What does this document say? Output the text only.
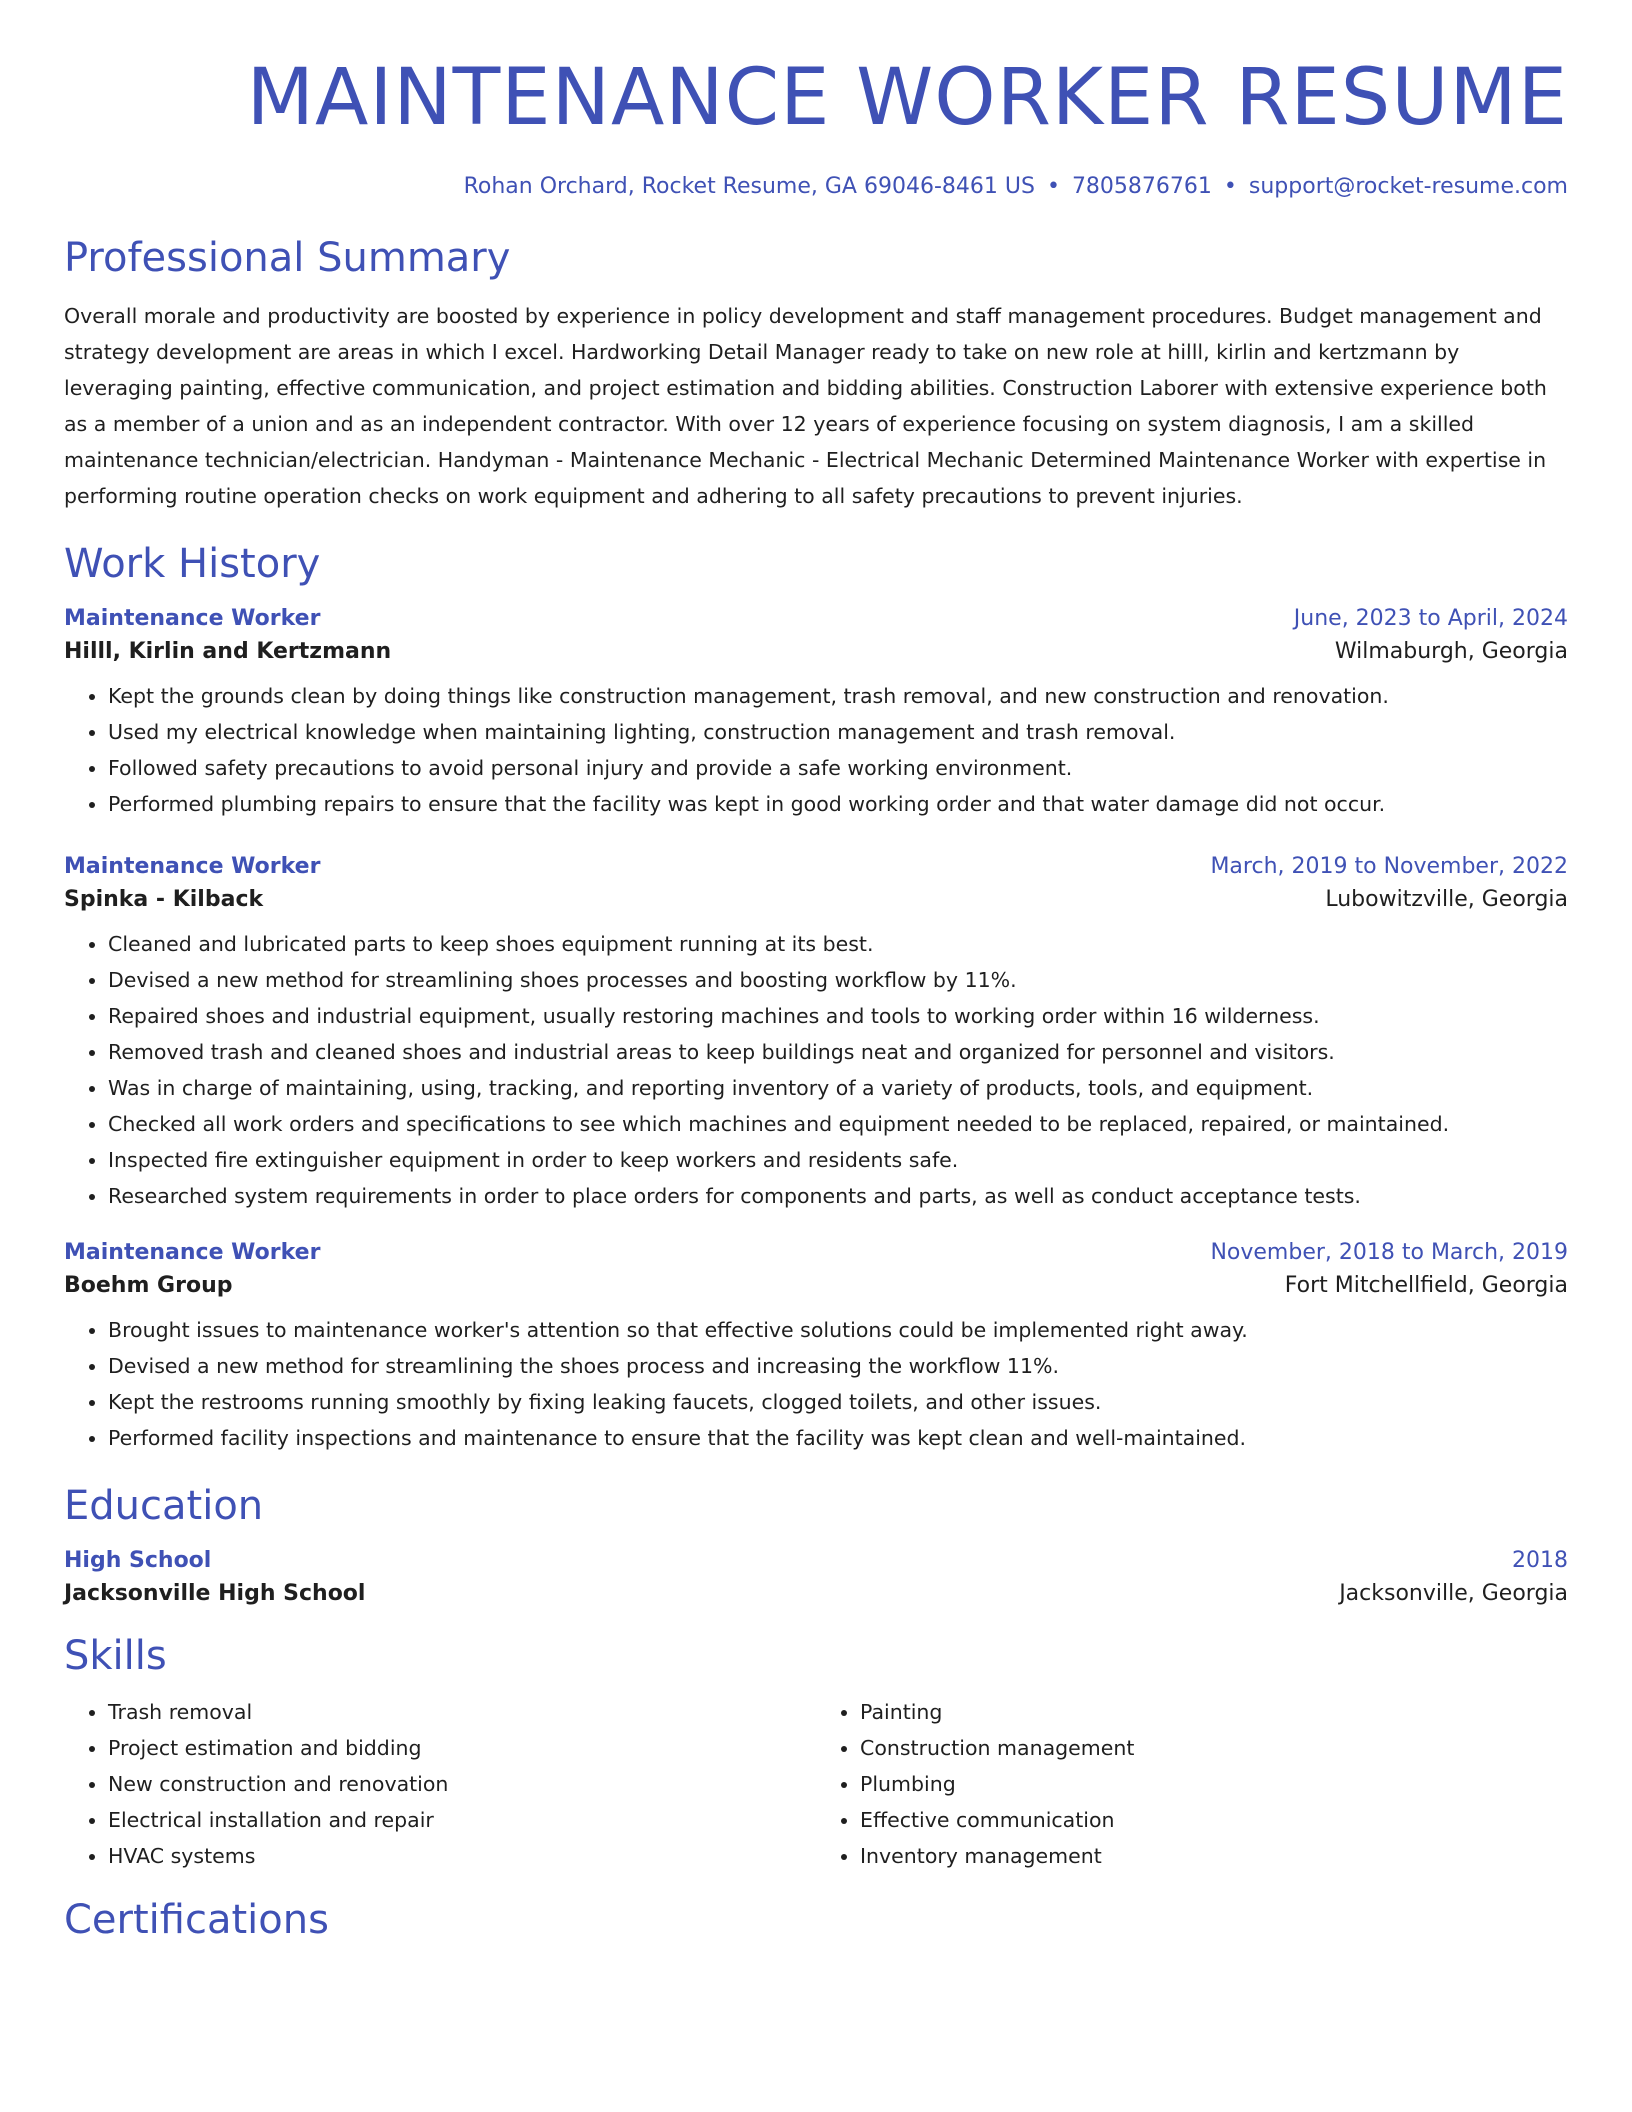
MAINTENANCE WORKER RESUME
Rohan Orchard, Rocket Resume, GA 69046-8461 US • 7805876761 • support@rocket-resume.com
Professional Summary
Overall morale and productivity are boosted by experience in policy development and staff management procedures. Budget management and strategy development are areas in which I excel. Hardworking Detail Manager ready to take on new role at hilll, kirlin and kertzmann by leveraging painting, effective communication, and project estimation and bidding abilities. Construction Laborer with extensive experience both as a member of a union and as an independent contractor. With over 12 years of experience focusing on system diagnosis, I am a skilled maintenance technician/electrician. Handyman - Maintenance Mechanic - Electrical Mechanic Determined Maintenance Worker with expertise in performing routine operation checks on work equipment and adhering to all safety precautions to prevent injuries.
Work History
Maintenance Worker	June, 2023 to April, 2024
Hilll, Kirlin and Kertzmann	Wilmaburgh, Georgia
• Kept the grounds clean by doing things like construction management, trash removal, and new construction and renovation.
• Used my electrical knowledge when maintaining lighting, construction management and trash removal.
• Followed safety precautions to avoid personal injury and provide a safe working environment.
• Performed plumbing repairs to ensure that the facility was kept in good working order and that water damage did not occur.
Maintenance Worker	March, 2019 to November, 2022
Spinka - Kilback	Lubowitzville, Georgia
• Cleaned and lubricated parts to keep shoes equipment running at its best.
• Devised a new method for streamlining shoes processes and boosting workflow by 11%.
• Repaired shoes and industrial equipment, usually restoring machines and tools to working order within 16 wilderness.
• Removed trash and cleaned shoes and industrial areas to keep buildings neat and organized for personnel and visitors.
• Was in charge of maintaining, using, tracking, and reporting inventory of a variety of products, tools, and equipment.
• Checked all work orders and specifications to see which machines and equipment needed to be replaced, repaired, or maintained.
• Inspected fire extinguisher equipment in order to keep workers and residents safe.
• Researched system requirements in order to place orders for components and parts, as well as conduct acceptance tests.
Maintenance Worker	November, 2018 to March, 2019
Boehm Group	Fort Mitchellfield, Georgia
• Brought issues to maintenance worker's attention so that effective solutions could be implemented right away.
• Devised a new method for streamlining the shoes process and increasing the workflow 11%.
• Kept the restrooms running smoothly by fixing leaking faucets, clogged toilets, and other issues.
• Performed facility inspections and maintenance to ensure that the facility was kept clean and well-maintained.
Education
High School	2018
Jacksonville High School	Jacksonville, Georgia
Skills
• Trash removal
• Project estimation and bidding
• New construction and renovation
• Electrical installation and repair
• HVAC systems
• Painting
• Construction management
• Plumbing
• Effective communication
• Inventory management
Certifications
